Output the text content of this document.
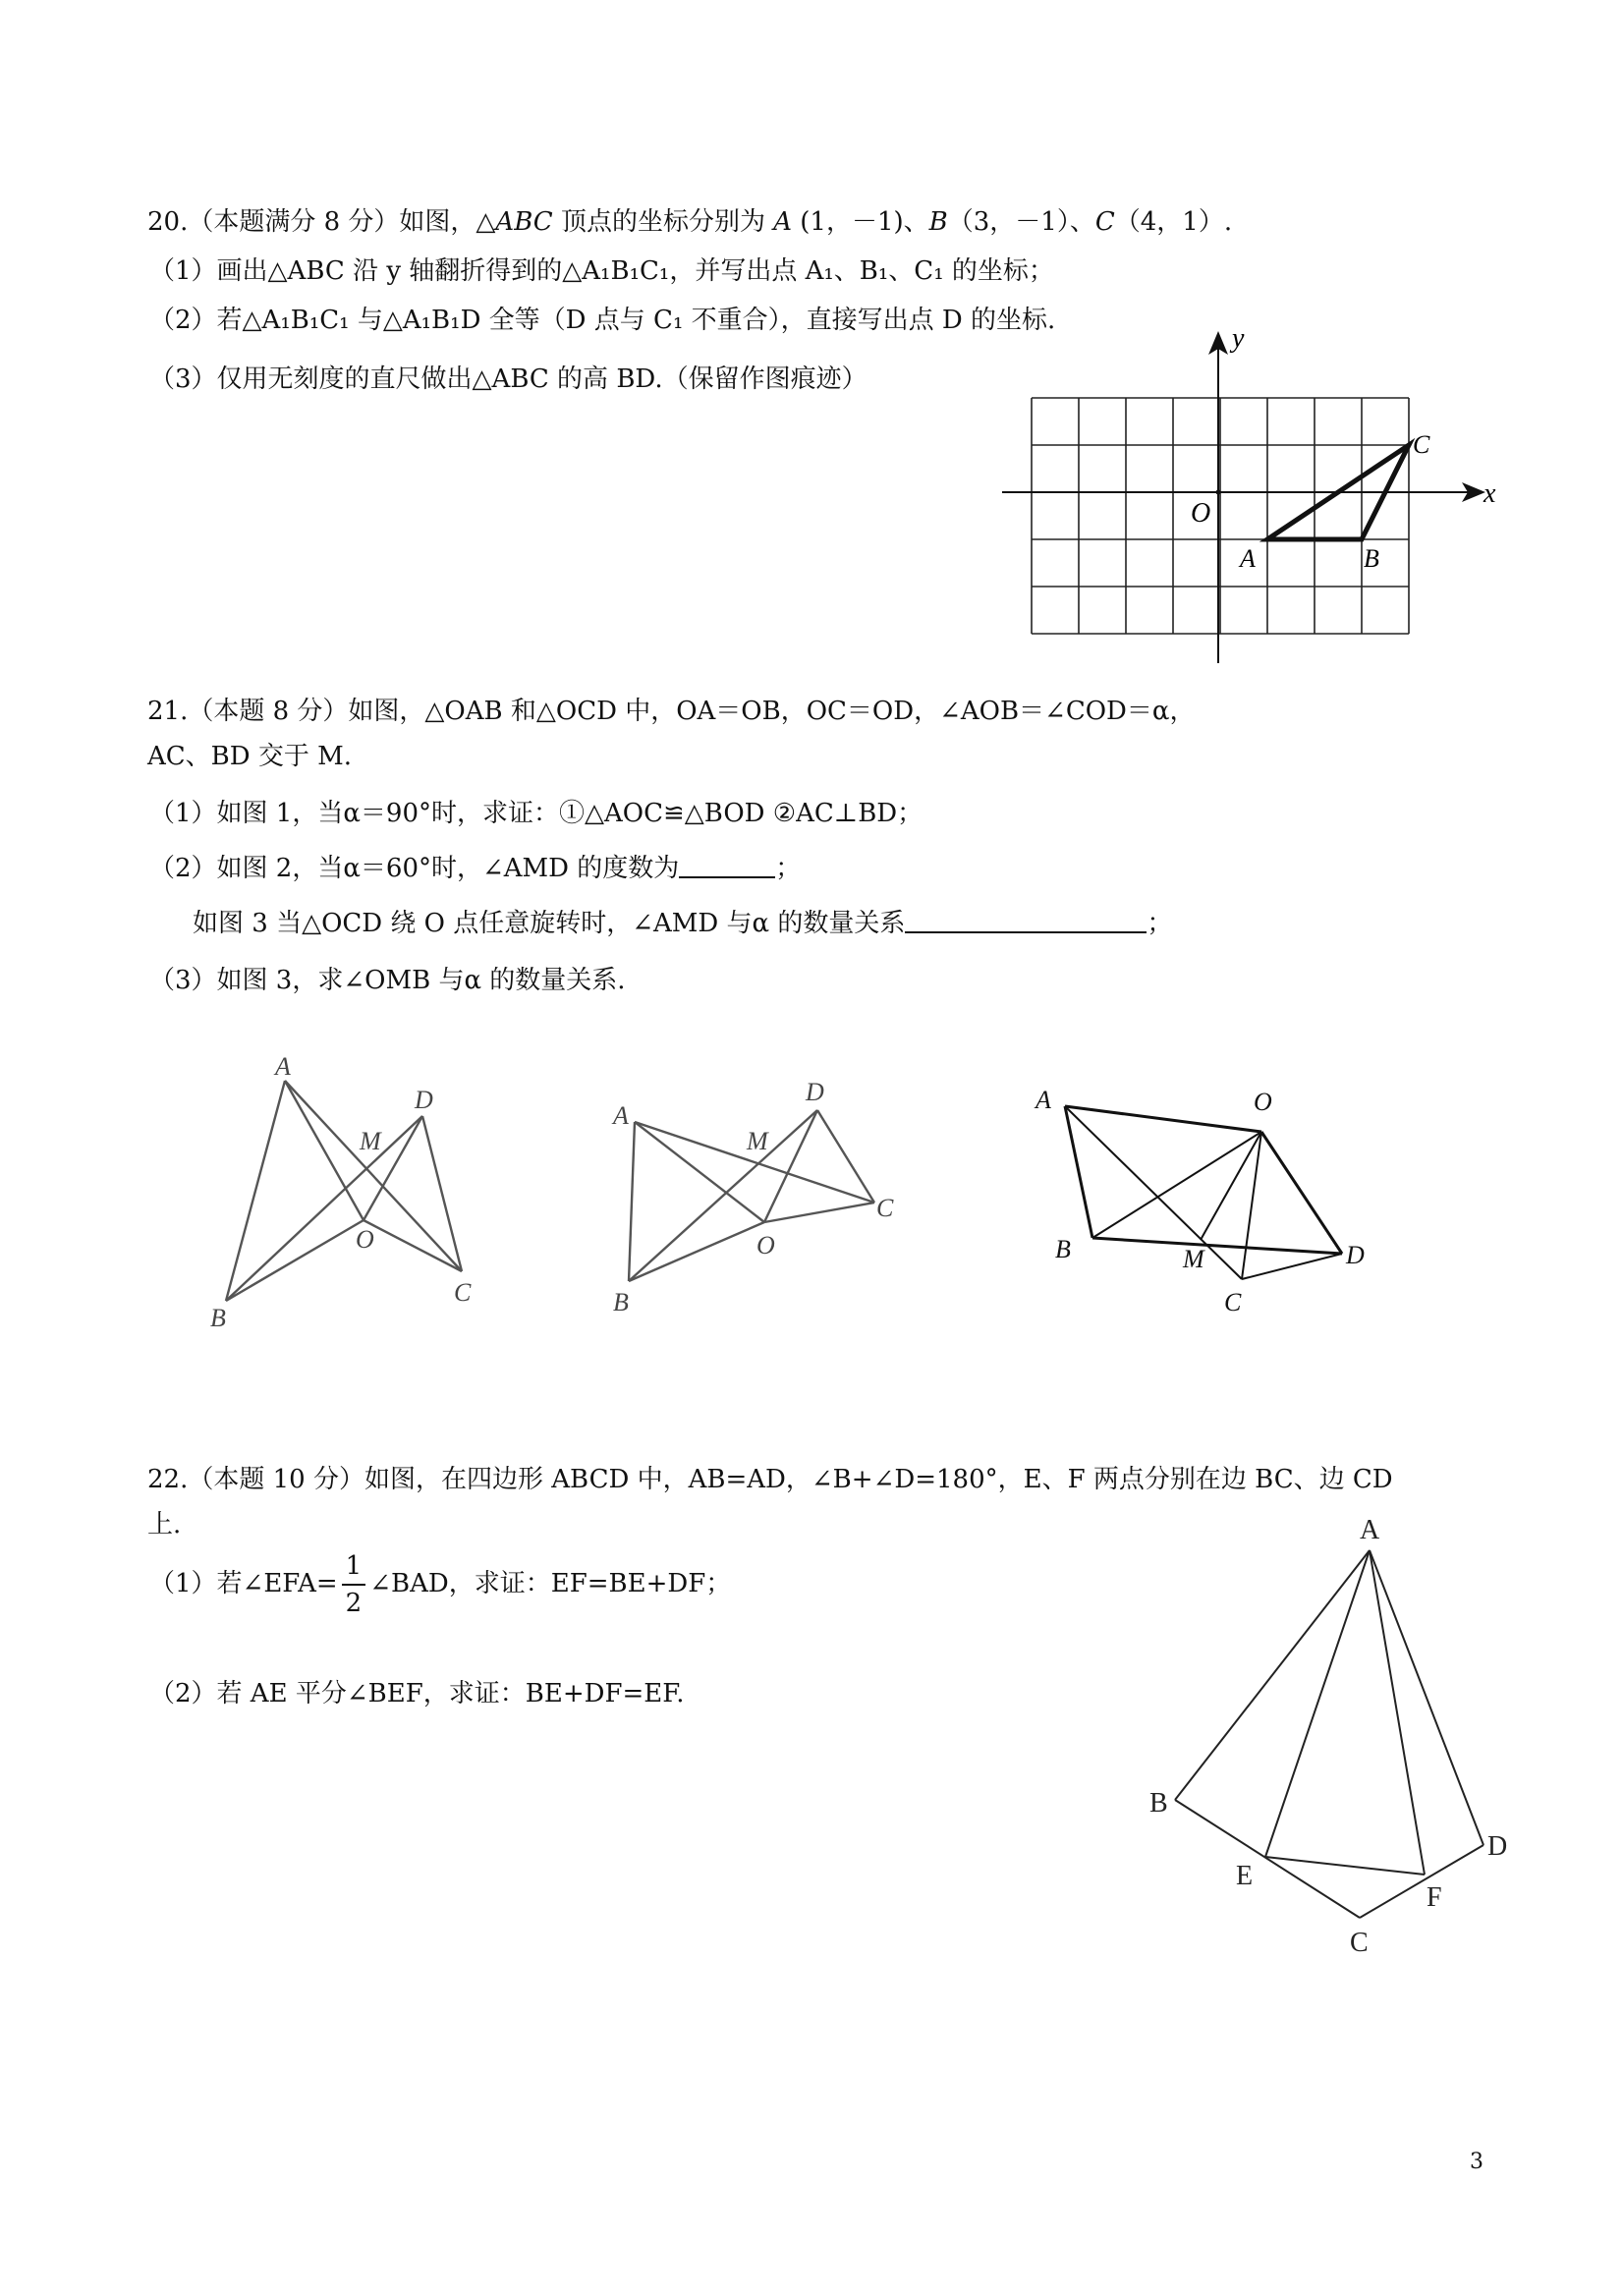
20.（本题满分 8 分）如图，△ABC 顶点的坐标分别为 A (1，－1)、B（3，－1）、C（4，1）.
（1）画出△ABC 沿 y 轴翻折得到的△A₁B₁C₁，并写出点 A₁、B₁、C₁ 的坐标；
（2）若△A₁B₁C₁ 与△A₁B₁D 全等（D 点与 C₁ 不重合），直接写出点 D 的坐标.
（3）仅用无刻度的直尺做出△ABC 的高 BD.（保留作图痕迹）
x
y
O
A	B
C
21.（本题 8 分）如图，△OAB 和△OCD 中，OA＝OB，OC＝OD，∠AOB＝∠COD＝α，
AC、BD 交于 M.
（1）如图 1，当α＝90°时，求证：①△AOC≌△BOD ②AC⊥BD；
（2）如图 2，当α＝60°时，∠AMD 的度数为	；
如图 3 当△OCD 绕 O 点任意旋转时，∠AMD 与α 的数量关系	；
（3）如图 3，求∠OMB 与α 的数量关系.
A
B
C
D
M
O
A
B
C
D
M
O
A
B
C
D
M
O
22.（本题 10 分）如图，在四边形 ABCD 中，AB=AD，∠B+∠D=180°，E、F 两点分别在边 BC、边 CD
上.
（1）若∠EFA= $\frac{1}{2}$ ∠BAD，求证：EF=BE+DF；
（2）若 AE 平分∠BEF，求证：BE+DF=EF.
A
B
C
D
E
F
3
